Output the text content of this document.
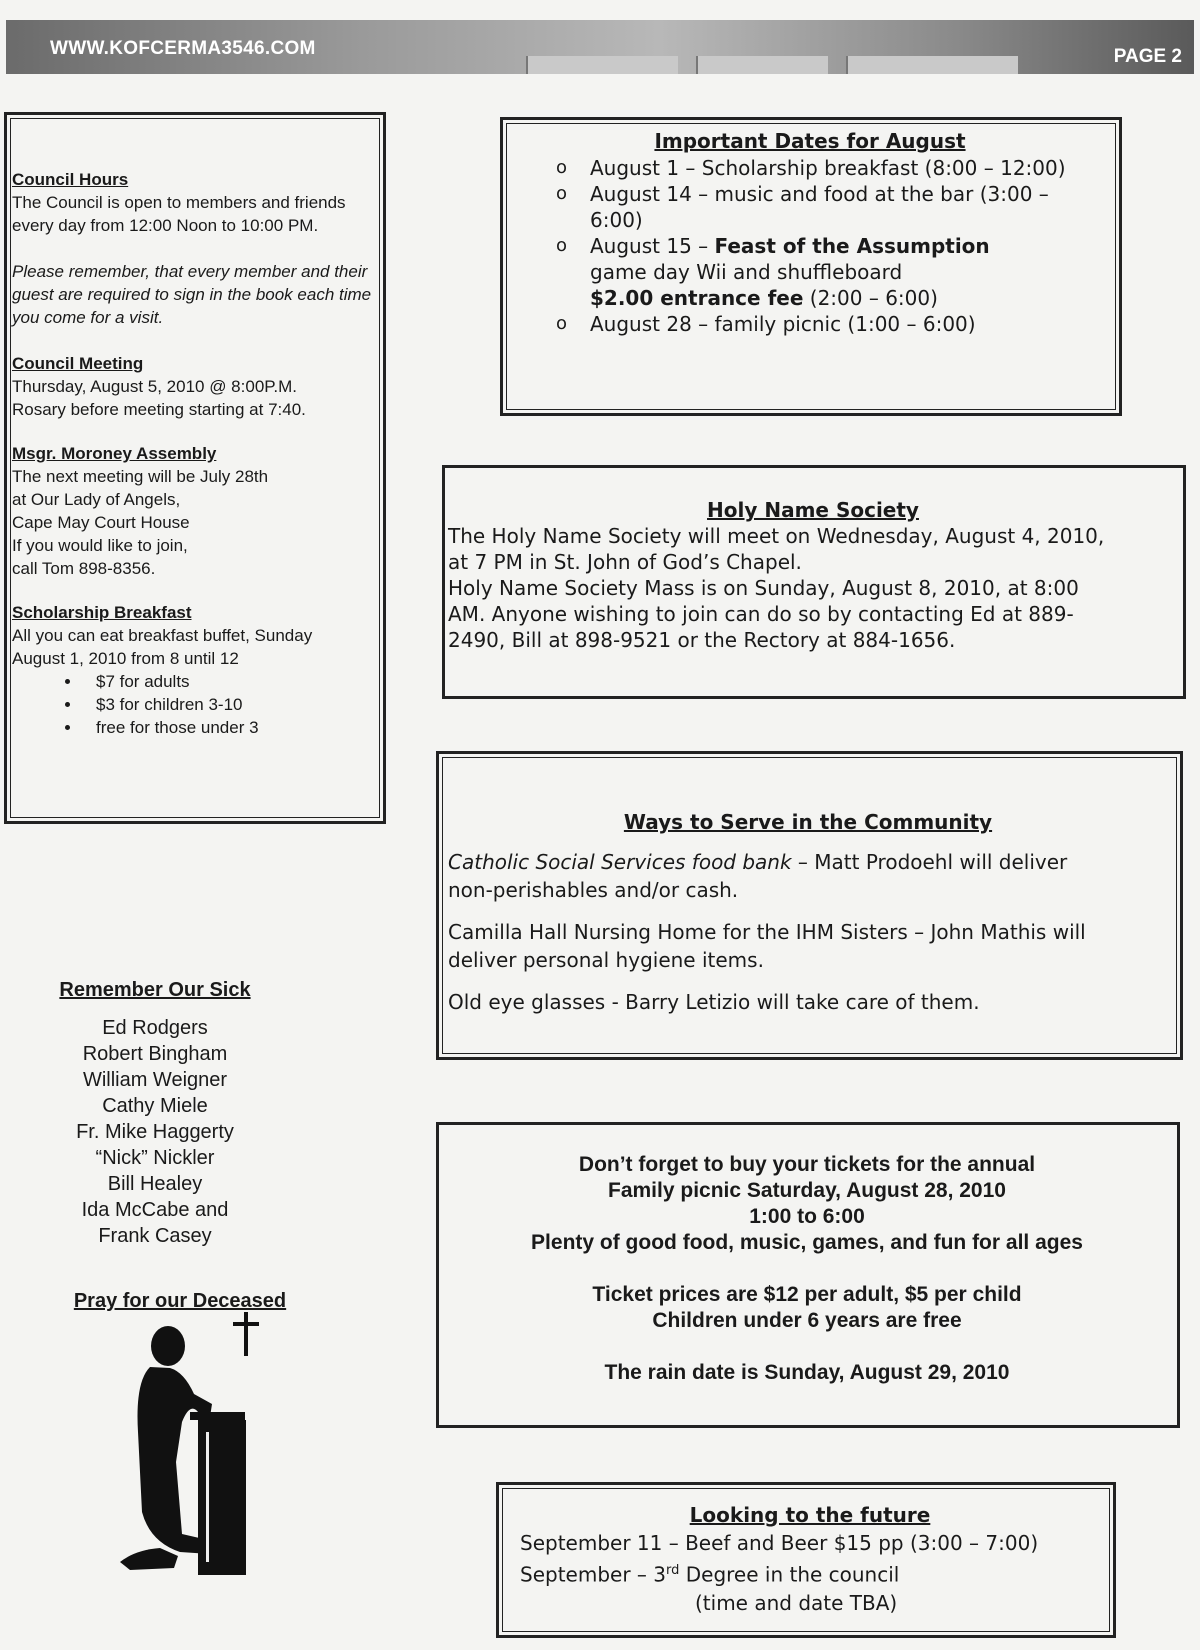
WWW.KOFCERMA3546.COM	PAGE 2

Council Hours

The Council is open to members and friends every day from 12:00 Noon to 10:00 PM.

Please remember, that every member and their guest are required to sign in the book each time you come for a visit.

Council Meeting

Thursday, August 5, 2010 @ 8:00P.M.

Rosary before meeting starting at 7:40.

Msgr. Moroney Assembly

The next meeting will be July 28th

at Our Lady of Angels,

Cape May Court House

If you would like to join,

call Tom 898-8356.

Scholarship Breakfast

All you can eat breakfast buffet, Sunday

August 1, 2010 from 8 until 12

• $7 for adults
• $3 for children 3-10
• free for those under 3

Remember Our Sick

Ed Rodgers

Robert Bingham

William Weigner

Cathy Miele

Fr. Mike Haggerty

“Nick” Nickler

Bill Healey

Ida McCabe and

Frank Casey

Pray for our Deceased

Important Dates for August
o August 1 – Scholarship breakfast (8:00 – 12:00)
o August 14 – music and food at the bar (3:00 –
6:00)
o August 15 – Feast of the Assumption
game day Wii and shuffleboard
$2.00 entrance fee (2:00 – 6:00)
o August 28 – family picnic (1:00 – 6:00)
Holy Name Society
The Holy Name Society will meet on Wednesday, August 4, 2010,
at 7 PM in St. John of God’s Chapel.
Holy Name Society Mass is on Sunday, August 8, 2010, at 8:00
AM. Anyone wishing to join can do so by contacting Ed at 889-
2490, Bill at 898-9521 or the Rectory at 884-1656.
Ways to Serve in the Community
Catholic Social Services food bank – Matt Prodoehl will deliver
non-perishables and/or cash.
Camilla Hall Nursing Home for the IHM Sisters – John Mathis will
deliver personal hygiene items.
Old eye glasses - Barry Letizio will take care of them.
Don’t forget to buy your tickets for the annual
Family picnic Saturday, August 28, 2010
1:00 to 6:00
Plenty of good food, music, games, and fun for all ages
Ticket prices are $12 per adult, $5 per child
Children under 6 years are free
The rain date is Sunday, August 29, 2010
Looking to the future
September 11 – Beef and Beer $15 pp (3:00 – 7:00)
September – 3rd Degree in the council
(time and date TBA)
